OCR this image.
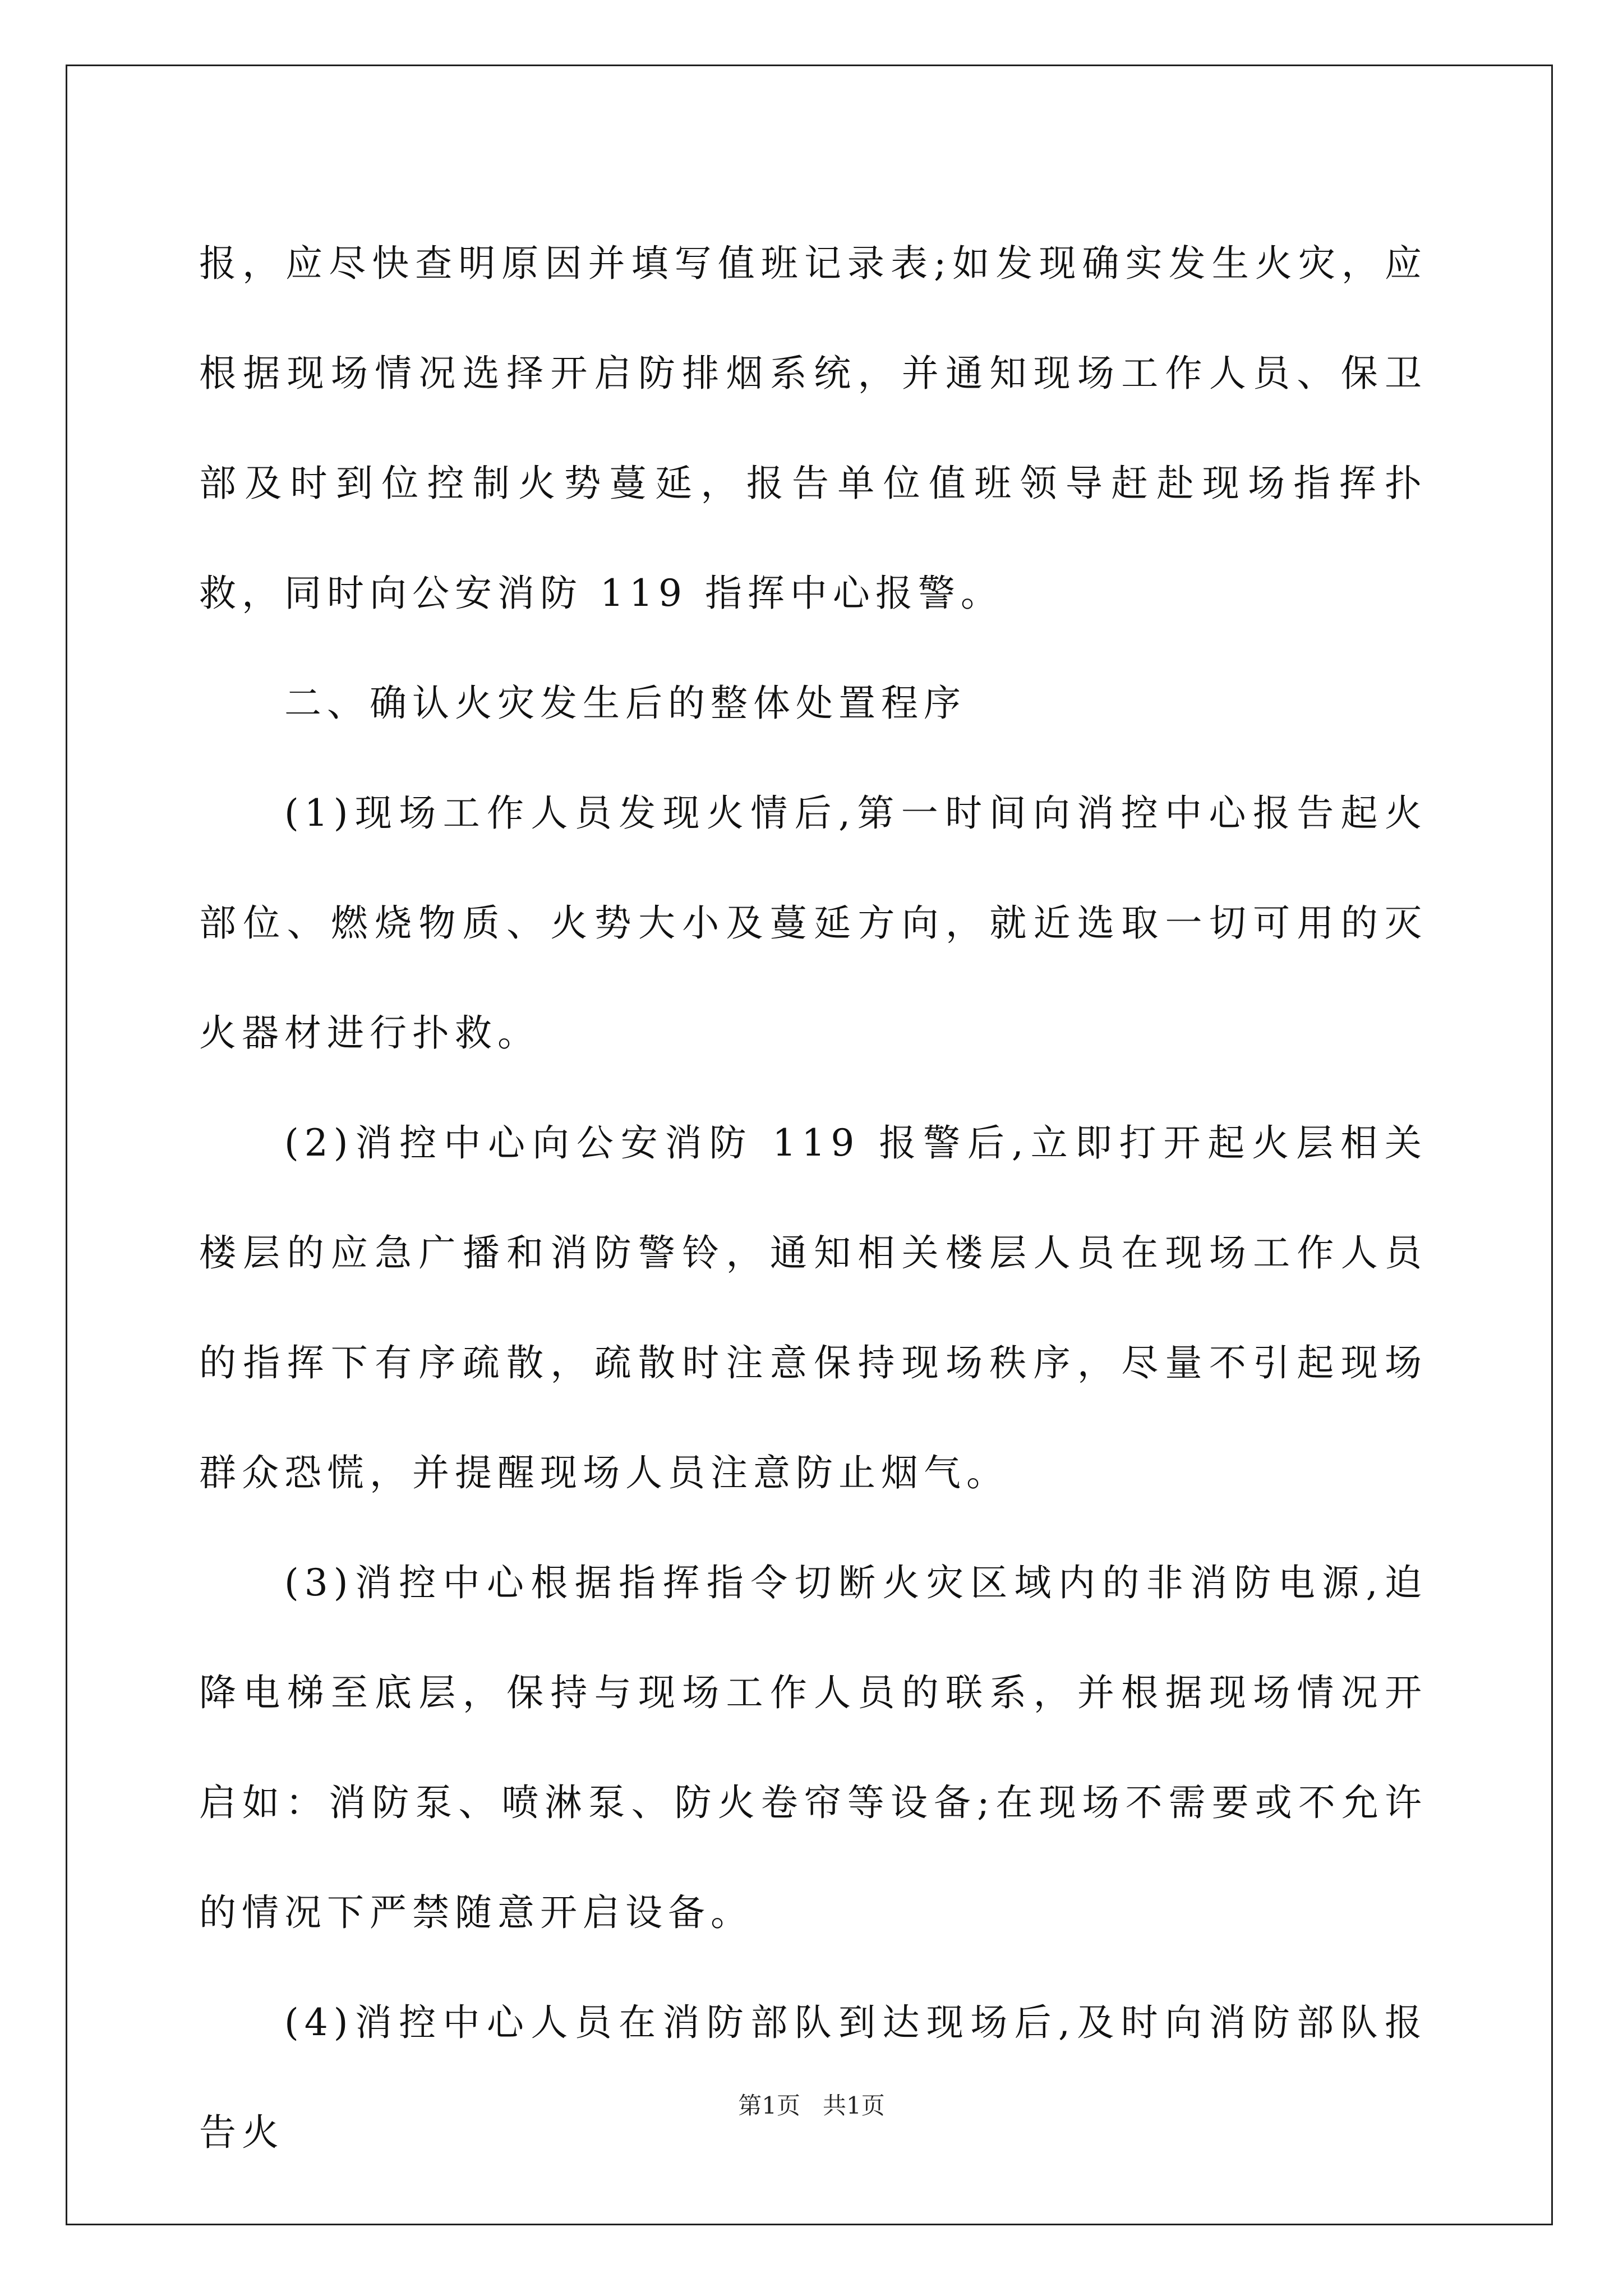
报，应尽快查明原因并填写值班记录表;如发现确实发生火灾，应根据现场情况选择开启防排烟系统，并通知现场工作人员、保卫部及时到位控制火势蔓延，报告单位值班领导赶赴现场指挥扑救，同时向公安消防 119 指挥中心报警。

二、确认火灾发生后的整体处置程序

(1)现场工作人员发现火情后,第一时间向消控中心报告起火部位、燃烧物质、火势大小及蔓延方向，就近选取一切可用的灭火器材进行扑救。

(2)消控中心向公安消防 119 报警后,立即打开起火层相关楼层的应急广播和消防警铃，通知相关楼层人员在现场工作人员的指挥下有序疏散，疏散时注意保持现场秩序，尽量不引起现场群众恐慌，并提醒现场人员注意防止烟气。

(3)消控中心根据指挥指令切断火灾区域内的非消防电源,迫降电梯至底层，保持与现场工作人员的联系，并根据现场情况开启如：消防泵、喷淋泵、防火卷帘等设备;在现场不需要或不允许的情况下严禁随意开启设备。

(4)消控中心人员在消防部队到达现场后,及时向消防部队报告火

第1页   共1页
